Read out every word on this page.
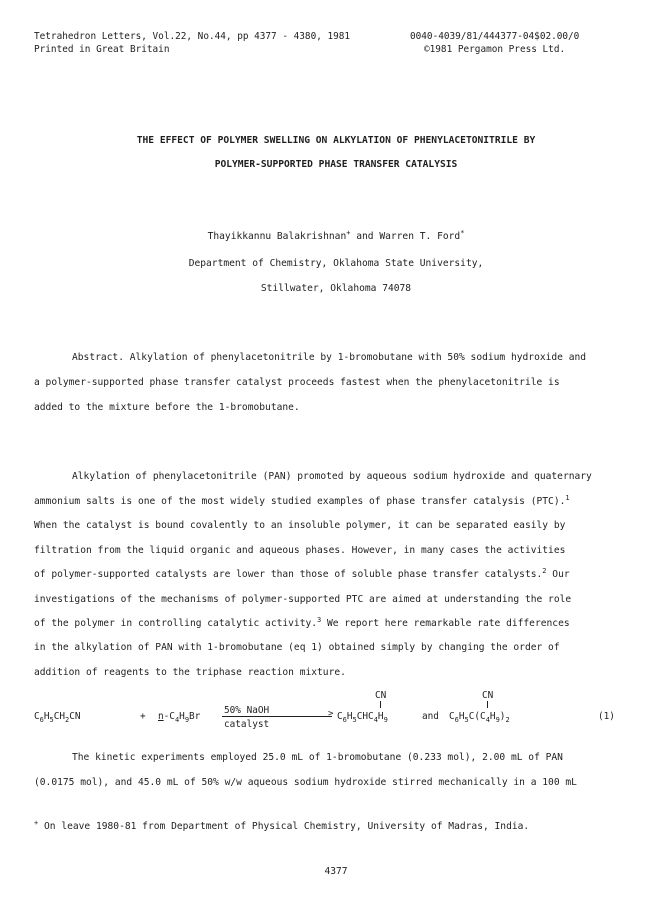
Tetrahedron Letters, Vol.22, No.44, pp 4377 - 4380, 1981
Printed in Great Britain
0040-4039/81/444377-04$02.00/0
©1981 Pergamon Press Ltd.
THE EFFECT OF POLYMER SWELLING ON ALKYLATION OF PHENYLACETONITRILE BY
POLYMER-SUPPORTED PHASE TRANSFER CATALYSIS
Thayikkannu Balakrishnan+ and Warren T. Ford*
Department of Chemistry, Oklahoma State University,
Stillwater, Oklahoma 74078
Abstract. Alkylation of phenylacetonitrile by 1-bromobutane with 50% sodium hydroxide and
a polymer-supported phase transfer catalyst proceeds fastest when the phenylacetonitrile is
added to the mixture before the 1-bromobutane.
Alkylation of phenylacetonitrile (PAN) promoted by aqueous sodium hydroxide and quaternary
ammonium salts is one of the most widely studied examples of phase transfer catalysis (PTC).$^1$
When the catalyst is bound covalently to an insoluble polymer, it can be separated easily by
filtration from the liquid organic and aqueous phases. However, in many cases the activities
of polymer-supported catalysts are lower than those of soluble phase transfer catalysts.$^2$ Our
investigations of the mechanisms of polymer-supported PTC are aimed at understanding the role
of the polymer in controlling catalytic activity.$^3$ We report here remarkable rate differences
in the alkylation of PAN with 1-bromobutane (eq 1) obtained simply by changing the order of
addition of reagents to the triphase reaction mixture.
$C_6H_5CH_2CN$	+ $n-C_4H_9Br$
50% NaOH	>
catalyst
CN
$C_6H_5CHC_4H_9$	and
CN
$C_6H_5C(C_4H_9)_2$	(1)
The kinetic experiments employed 25.0 mL of 1-bromobutane (0.233 mol), 2.00 mL of PAN
(0.0175 mol), and 45.0 mL of 50% w/w aqueous sodium hydroxide stirred mechanically in a 100 mL
+ On leave 1980-81 from Department of Physical Chemistry, University of Madras, India.
4377
